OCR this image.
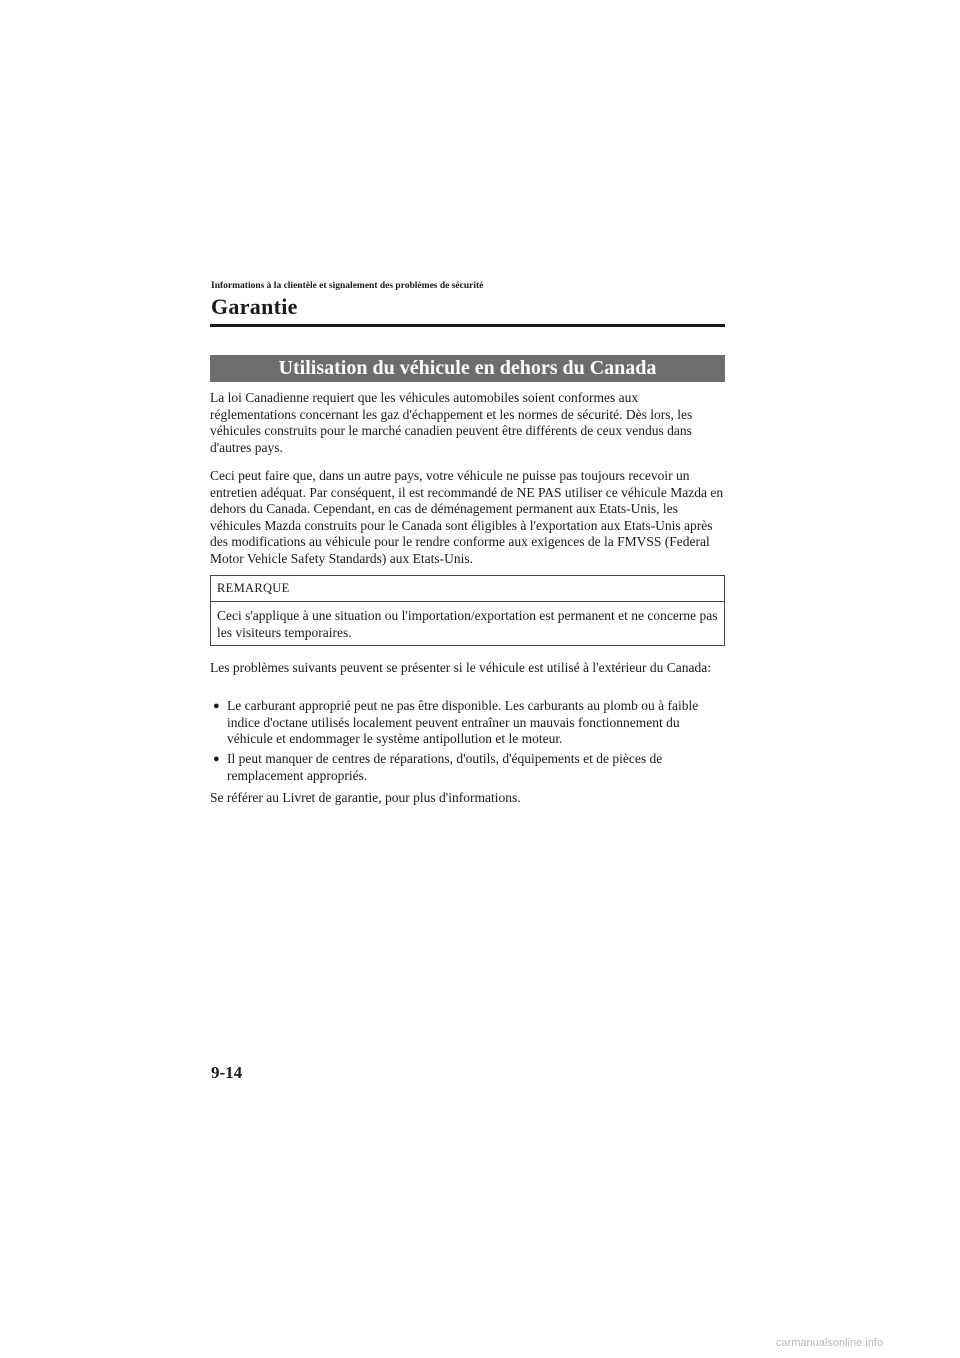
Informations à la clientèle et signalement des problèmes de sécurité
Garantie
Utilisation du véhicule en dehors du Canada
La loi Canadienne requiert que les véhicules automobiles soient conformes aux réglementations concernant les gaz d'échappement et les normes de sécurité. Dès lors, les véhicules construits pour le marché canadien peuvent être différents de ceux vendus dans d'autres pays.
Ceci peut faire que, dans un autre pays, votre véhicule ne puisse pas toujours recevoir un entretien adéquat. Par conséquent, il est recommandé de NE PAS utiliser ce véhicule Mazda en dehors du Canada. Cependant, en cas de déménagement permanent aux Etats-Unis, les véhicules Mazda construits pour le Canada sont éligibles à l'exportation aux Etats-Unis après des modifications au véhicule pour le rendre conforme aux exigences de la FMVSS (Federal Motor Vehicle Safety Standards) aux Etats-Unis.
REMARQUE
Ceci s'applique à une situation ou l'importation/exportation est permanent et ne concerne pas les visiteurs temporaires.
Les problèmes suivants peuvent se présenter si le véhicule est utilisé à l'extérieur du Canada:
● Le carburant approprié peut ne pas être disponible. Les carburants au plomb ou à faible indice d'octane utilisés localement peuvent entraîner un mauvais fonctionnement du véhicule et endommager le système antipollution et le moteur.
● Il peut manquer de centres de réparations, d'outils, d'équipements et de pièces de remplacement appropriés.
Se référer au Livret de garantie, pour plus d'informations.
9-14
carmanualsonline.info
